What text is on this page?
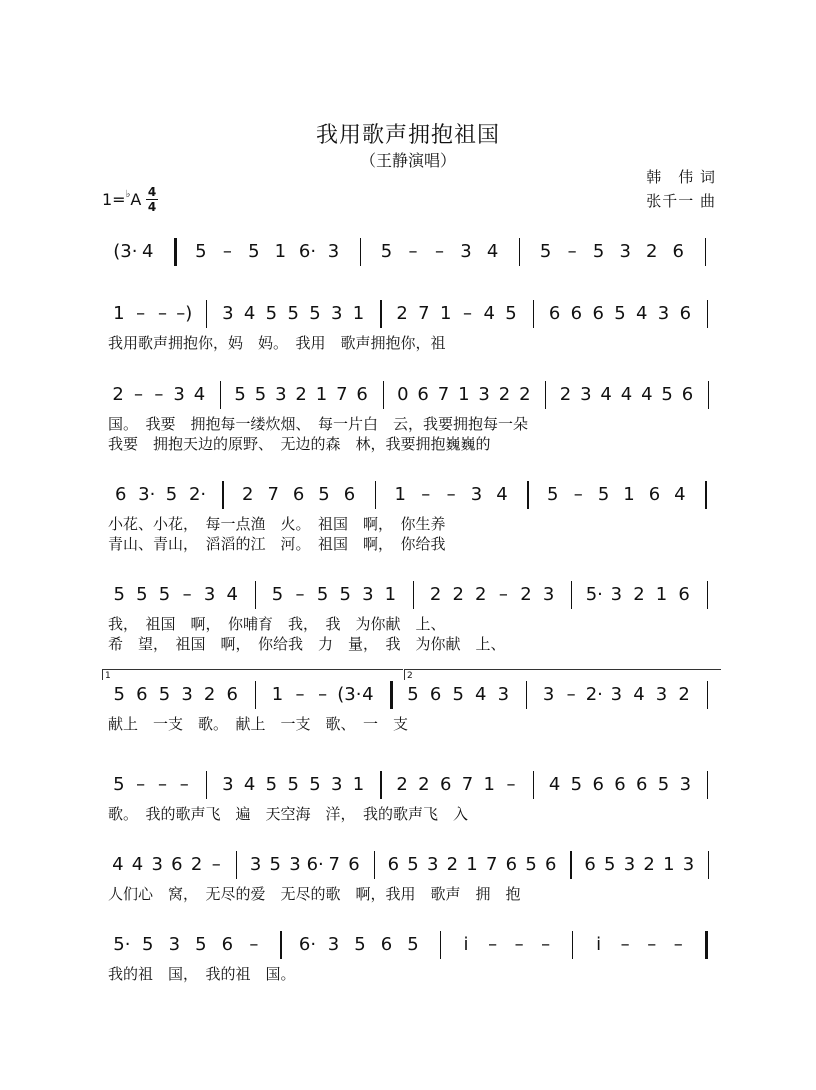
我用歌声拥抱祖国
（王静演唱）
韩　伟 词
张千一 曲
1=♭A 4
4
(3· 4 5 – 5 1 6· 3 5 – – 3 4 5 – 5 3 2 6
1 – – –) 3 4 5 5 5 3 1 2 7 1 – 4 5 6 6 6 5 4 3 6
我用歌声拥抱你，妈　妈。　我用　歌声拥抱你，祖
2 – – 3 4 5 5 3 2 1 7 6 0 6 7 1 3 2 2 2 3 4 4 4 5 6
国。　我要　拥抱每一缕炊烟、　每一片白　云，我要拥抱每一朵
我要　拥抱天边的原野、　无边的森　林，我要拥抱巍巍的
6 3· 5 2· 2 7 6 5 6 1 – – 3 4 5 – 5 1 6 4
小花、小花，　每一点渔　火。　祖国　啊，　你生养
青山、青山，　滔滔的江　河。　祖国　啊，　你给我
5 5 5 – 3 4 5 – 5 5 3 1 2 2 2 – 2 3 5· 3 2 1 6
我，　祖国　啊，　你哺育　我，　我　为你献　上、
希　望，　祖国　啊，　你给我　力　量，　我　为你献　上、
5 6 5 3 2 6 1 – – (3· 4 5 6 5 4 3 3 – 2· 3 4 3 2
献上　一支　歌。　献上　一支　歌、　一　支
1	2
5 – – – 3 4 5 5 5 3 1 2 2 6 7 1 – 4 5 6 6 6 5 3
歌。　我的歌声飞　遍　天空海　洋，　我的歌声飞　入
4 4 3 6 2 – 3 5 3 6· 7 6 6 5 3 2 1 7 6 5 6 6 5 3 2 1 3
人们心　窝，　无尽的爱　无尽的歌　啊，我用　歌声　拥　抱
5· 5 3 5 6 – 6· 3 5 6 5	i	– – –	i	– – –
我的祖　国，　我的祖　国。
